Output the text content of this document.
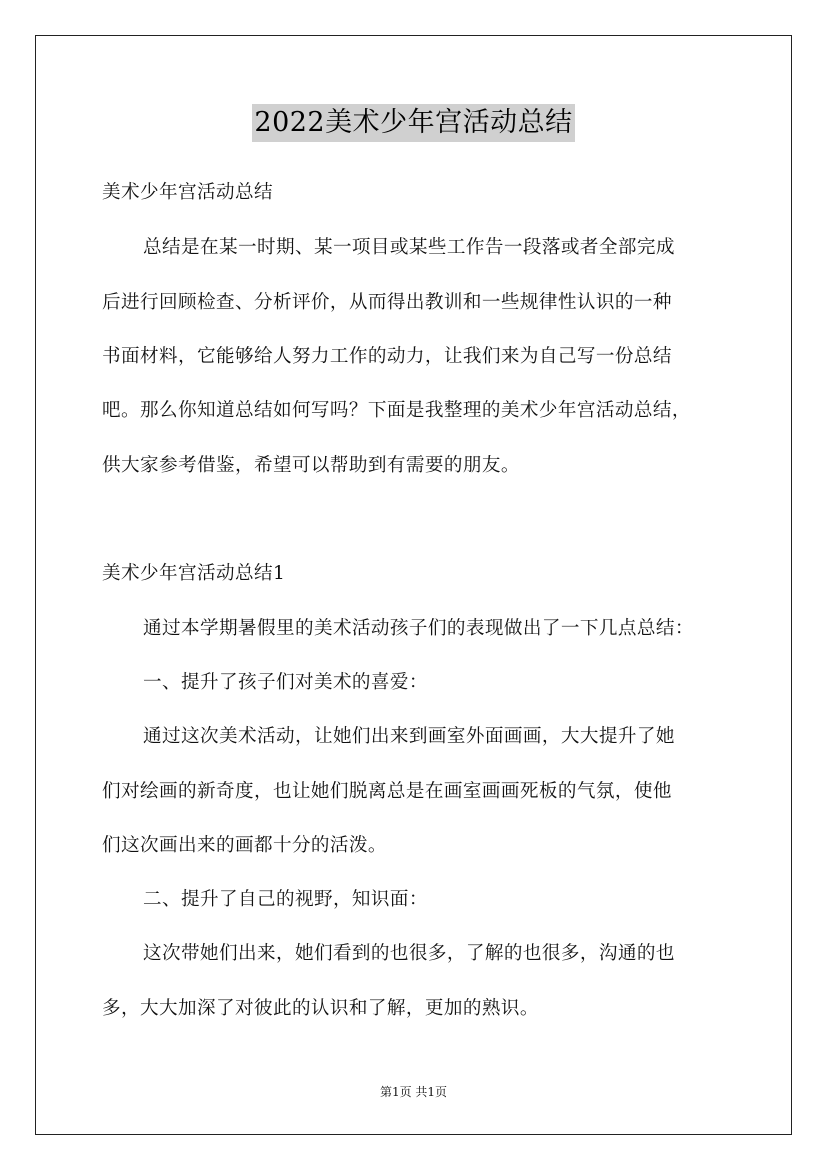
2022美术少年宫活动总结
美术少年宫活动总结
总结是在某一时期、某一项目或某些工作告一段落或者全部完成
后进行回顾检查、分析评价，从而得出教训和一些规律性认识的一种
书面材料，它能够给人努力工作的动力，让我们来为自己写一份总结
吧。那么你知道总结如何写吗？下面是我整理的美术少年宫活动总结，
供大家参考借鉴，希望可以帮助到有需要的朋友。
美术少年宫活动总结1
通过本学期暑假里的美术活动孩子们的表现做出了一下几点总结：
一、提升了孩子们对美术的喜爱：
通过这次美术活动，让她们出来到画室外面画画，大大提升了她
们对绘画的新奇度，也让她们脱离总是在画室画画死板的气氛，使他
们这次画出来的画都十分的活泼。
二、提升了自己的视野，知识面：
这次带她们出来，她们看到的也很多，了解的也很多，沟通的也
多，大大加深了对彼此的认识和了解，更加的熟识。
第1页 共1页
